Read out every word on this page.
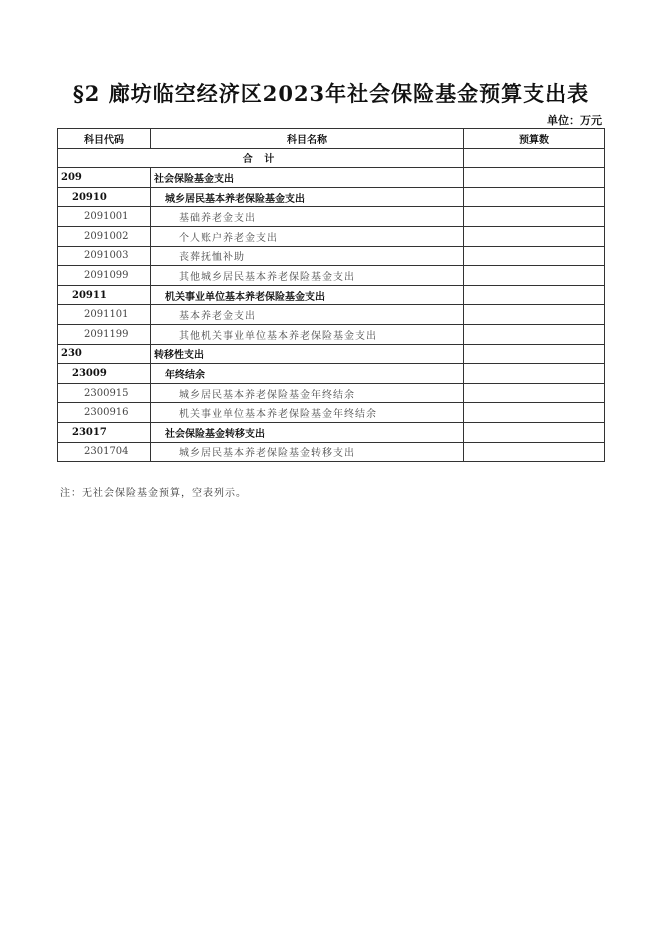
§2 廊坊临空经济区2023年社会保险基金预算支出表
单位：万元
科目代码	科目名称	预算数
合 计		
209	社会保险基金支出	
20910	城乡居民基本养老保险基金支出	
2091001	基础养老金支出	
2091002	个人账户养老金支出	
2091003	丧葬抚恤补助	
2091099	其他城乡居民基本养老保险基金支出	
20911	机关事业单位基本养老保险基金支出	
2091101	基本养老金支出	
2091199	其他机关事业单位基本养老保险基金支出	
230	转移性支出	
23009	年终结余	
2300915	城乡居民基本养老保险基金年终结余	
2300916	机关事业单位基本养老保险基金年终结余	
23017	社会保险基金转移支出	
2301704	城乡居民基本养老保险基金转移支出	
注：无社会保险基金预算，空表列示。
